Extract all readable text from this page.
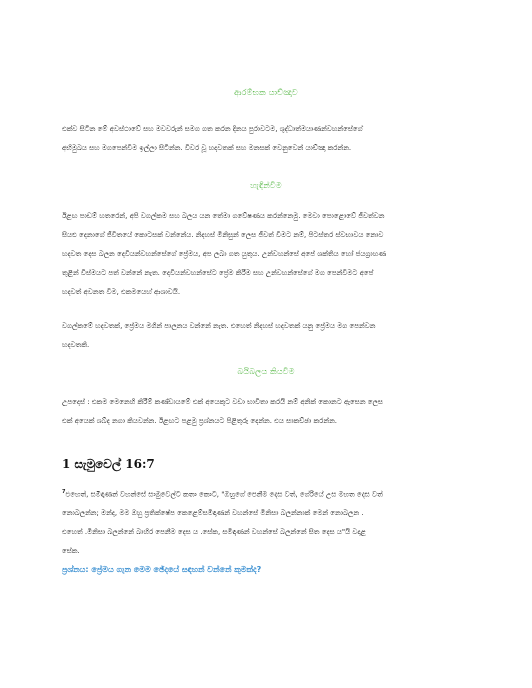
ආරම්භක යාච්ඤාව
එක්ව සිටින මේ අවස්ථාවේ සහ මවවරුන් සමග ගත කරන දිනය පුරාවටම, ශුද්ධාත්මයාණන්වහන්සේගේ
අභිමුඛය සහ මගපෙන්වීම ඉල්ලා සිටින්න. විවර වූ හදවතක් සහ මනසක් වෙනුවෙන් යාච්ඤා කරන්න.
හැඳින්වීම
ඊළඟ පාඩම් හතරෙන්, අපි වගල්කම සහ බලය යන තේමා ගවේෂණය කරන්නෙමු. මෙවා පොළොවේ ජීවත්වන
සියළු දෙනාගේ ජීවිතයේ කොටසක් වන්නේය. නිදහස් මිනිසුන් ලෙස ජීවත් වීමට නම්, පිටස්තර ස්වභාවය නොව
හදවත දෙස බලන දෙවියන්වහන්සේගේ ප්‍රේමය, අප ලබා ගත යුතුය. උන්වහන්සේ අපේ ශක්තිය හෝ ජයග්‍රාහණ
තුළින් විස්මයට පත් වන්නේ නැත. දෙවියන්වහන්සේට ප්‍රේම කිරීම සහ උන්වහන්සේගේ මග පෙන්වීමට අපේ
හදවත් අවනත වීම, එකමයෙහ් ආශාවයි.
වගල්කමේ හදවතක්, ප්‍රේමය මගින් පාලනය වන්නේ නැත. එහෙත් නිදහස් හදවතක් යනු ප්‍රේමය මග පෙන්වන
හදවතකි.
බයිබලය කියවීම
උපදෙස් : එකම මෙනෙහි කිරීම් කණ්ඩායමේ එක් අයෙකුට වඩා භාවිතා කරයි නම් අනික් කොනට ඇසෙන ලෙස
එක් අයෙක් ශබ්ද නගා කියවන්න. ඊළඟට පළමු ප්‍රශ්නයට පිළිතුරු දෙන්න. එය සාකච්ඡා කරන්න.
1 සැමුවෙල් 16:7
$^7$එහෙත්, සමිඳාණන් වහන්සේ සාමුවෙල්ට කතා කොට, "ඔහුගේ පෙනීම දෙස වත්, ගේරියේ උස මහත දෙස වත්
නොබලන්න; මන්ද, මම ඔහු ප්‍රතික්ෂේප කෙළෙම්සමිඳාණන් වහන්සේ මිනිසා බලන්නාක් මෙන් නොබලන .
එහෙත් .මිනිසා බලන්නේ බාහිර පෙනීම දෙස ය .සේක, සමිඳාණන් වහන්සේ බලන්නේ සිත දෙස ය"යි වදාළ
සේක.
ප්‍රශ්නය: ප්‍රේමය ගැන මෙම ඡේදයේ සඳහන් වන්නේ කුමක්ද?
